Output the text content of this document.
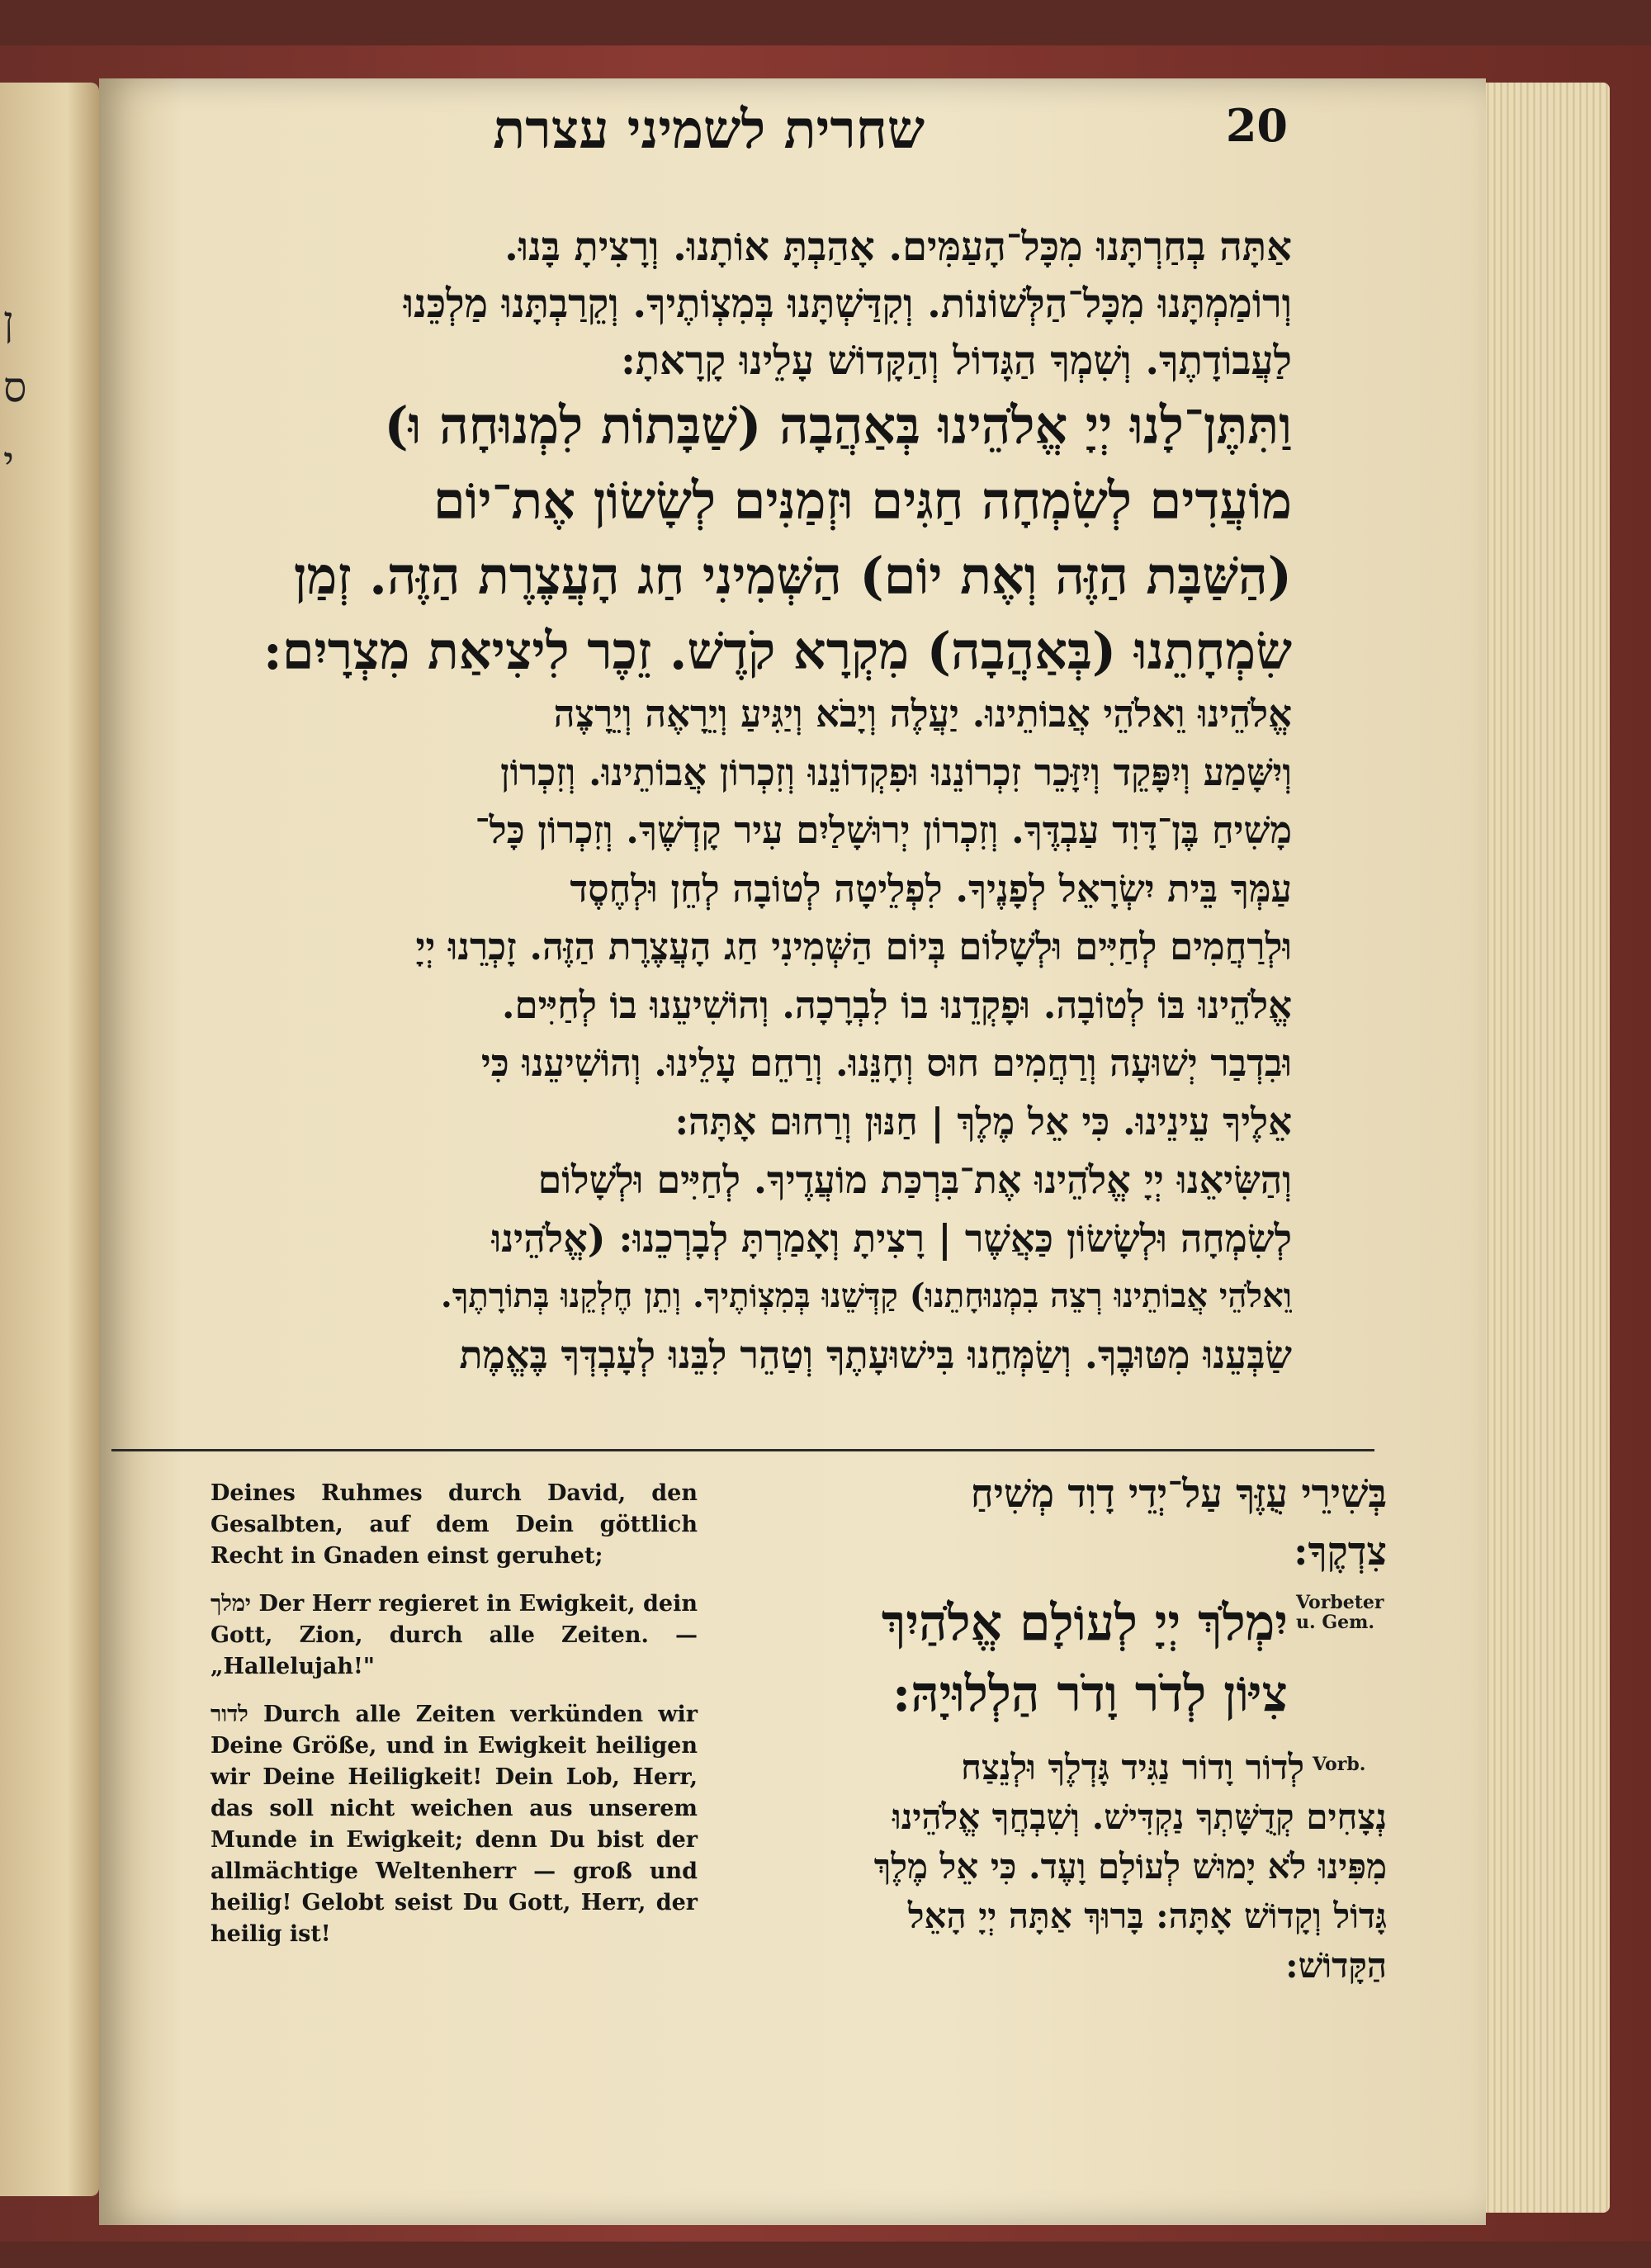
ן
ס
י
שחרית לשמיני עצרת	20
אַתָּה בְחַרְתָּנוּ מִכָּל־הָעַמִּים. אָהַבְתָּ אוֹתָנוּ. וְרָצִיתָ בָּנוּ.
וְרוֹמַמְתָּנוּ מִכָּל־הַלְּשׁוֹנוֹת. וְקִדַּשְׁתָּנוּ בְּמִצְוֹתֶיךָ. וְקֵרַבְתָּנוּ מַלְכֵּנוּ
לַעֲבוֹדָתֶךָ. וְשִׁמְךָ הַגָּדוֹל וְהַקָּדוֹשׁ עָלֵינוּ קָרָאתָ:
וַתִּתֶּן־לָנוּ יְיָ אֱלֹהֵינוּ בְּאַהֲבָה (שַׁבָּתוֹת לִמְנוּחָה וּ)
מוֹעֲדִים לְשִׂמְחָה חַגִּים וּזְמַנִּים לְשָׂשׂוֹן אֶת־יוֹם
(הַשַּׁבָּת הַזֶּה וְאֶת יוֹם) הַשְּׁמִינִי חַג הָעֲצֶרֶת הַזֶּה. זְמַן
שִׂמְחָתֵנוּ (בְּאַהֲבָה) מִקְרָא קֹדֶשׁ. זֵכֶר לִיצִיאַת מִצְרָיִם:
אֱלֹהֵינוּ וֵאלֹהֵי אֲבוֹתֵינוּ. יַעֲלֶה וְיָבֹא וְיַגִּיעַ וְיֵרָאֶה וְיֵרָצֶה
וְיִשָּׁמַע וְיִפָּקֵד וְיִזָּכֵר זִכְרוֹנֵנוּ וּפִקְדוֹנֵנוּ וְזִכְרוֹן אֲבוֹתֵינוּ. וְזִכְרוֹן
מָשִׁיחַ בֶּן־דָּוִד עַבְדֶּךָ. וְזִכְרוֹן יְרוּשָׁלַיִם עִיר קָדְשֶׁךָ. וְזִכְרוֹן כָּל־
עַמְּךָ בֵּית יִשְׂרָאֵל לְפָנֶיךָ. לִפְלֵיטָה לְטוֹבָה לְחֵן וּלְחֶסֶד
וּלְרַחֲמִים לְחַיִּים וּלְשָׁלוֹם בְּיוֹם הַשְּׁמִינִי חַג הָעֲצֶרֶת הַזֶּה. זָכְרֵנוּ יְיָ
אֱלֹהֵינוּ בּוֹ לְטוֹבָה. וּפָקְדֵנוּ בוֹ לִבְרָכָה. וְהוֹשִׁיעֵנוּ בוֹ לְחַיִּים.
וּבִדְבַר יְשׁוּעָה וְרַחֲמִים חוּס וְחָנֵּנוּ. וְרַחֵם עָלֵינוּ. וְהוֹשִׁיעֵנוּ כִּי
אֵלֶיךָ עֵינֵינוּ. כִּי אֵל מֶלֶךְ | חַנּוּן וְרַחוּם אָתָּה:
וְהַשִּׂיאֵנוּ יְיָ אֱלֹהֵינוּ אֶת־בִּרְכַּת מוֹעֲדֶיךָ. לְחַיִּים וּלְשָׁלוֹם
לְשִׂמְחָה וּלְשָׂשׂוֹן כַּאֲשֶׁר | רָצִיתָ וְאָמַרְתָּ לְבָרְכֵנוּ: (אֱלֹהֵינוּ
וֵאלֹהֵי אֲבוֹתֵינוּ רְצֵה בִמְנוּחָתֵנוּ) קַדְּשֵׁנוּ בְּמִצְוֹתֶיךָ. וְתֵן חֶלְקֵנוּ בְּתוֹרָתֶךָ.
שַׂבְּעֵנוּ מִטּוּבֶךָ. וְשַׂמְּחֵנוּ בִּישׁוּעָתֶךָ וְטַהֵר לִבֵּנוּ לְעָבְדְּךָ בֶּאֱמֶת
בְּשִׁירֵי עֻזֶּךָ עַל־יְדֵי דָוִד מְשִׁיחַ
צִדְקֶךָ:
יִמְלֹךְ יְיָ לְעוֹלָם אֱלֹהַיִךְ
צִיּוֹן לְדֹר וָדֹר הַלְלוּיָהּ:
Vorbeter u. Gem.
לְדוֹר וָדוֹר נַגִּיד גָּדְלֶךָ וּלְנֵצַח
נְצָחִים קְדֻשָּׁתְךָ נַקְדִּישׁ. וְשִׁבְחֲךָ אֱלֹהֵינוּ
מִפִּינוּ לֹא יָמוּשׁ לְעוֹלָם וָעֶד. כִּי אֵל מֶלֶךְ
גָּדוֹל וְקָדוֹשׁ אָתָּה: בָּרוּךְ אַתָּה יְיָ הָאֵל
הַקָּדוֹשׁ:
Vorb.
Deines Ruhmes durch David, den Gesalbten, auf dem Dein göttlich Recht in Gnaden einst geruhet;
ימלך Der Herr regieret in Ewigkeit, dein Gott, Zion, durch alle Zeiten. — „Hallelujah!"
לדור Durch alle Zeiten verkünden wir Deine Größe, und in Ewigkeit heiligen wir Deine Heiligkeit! Dein Lob, Herr, das soll nicht weichen aus unserem Munde in Ewigkeit; denn Du bist der allmächtige Weltenherr — groß und heilig! Gelobt seist Du Gott, Herr, der heilig ist!
